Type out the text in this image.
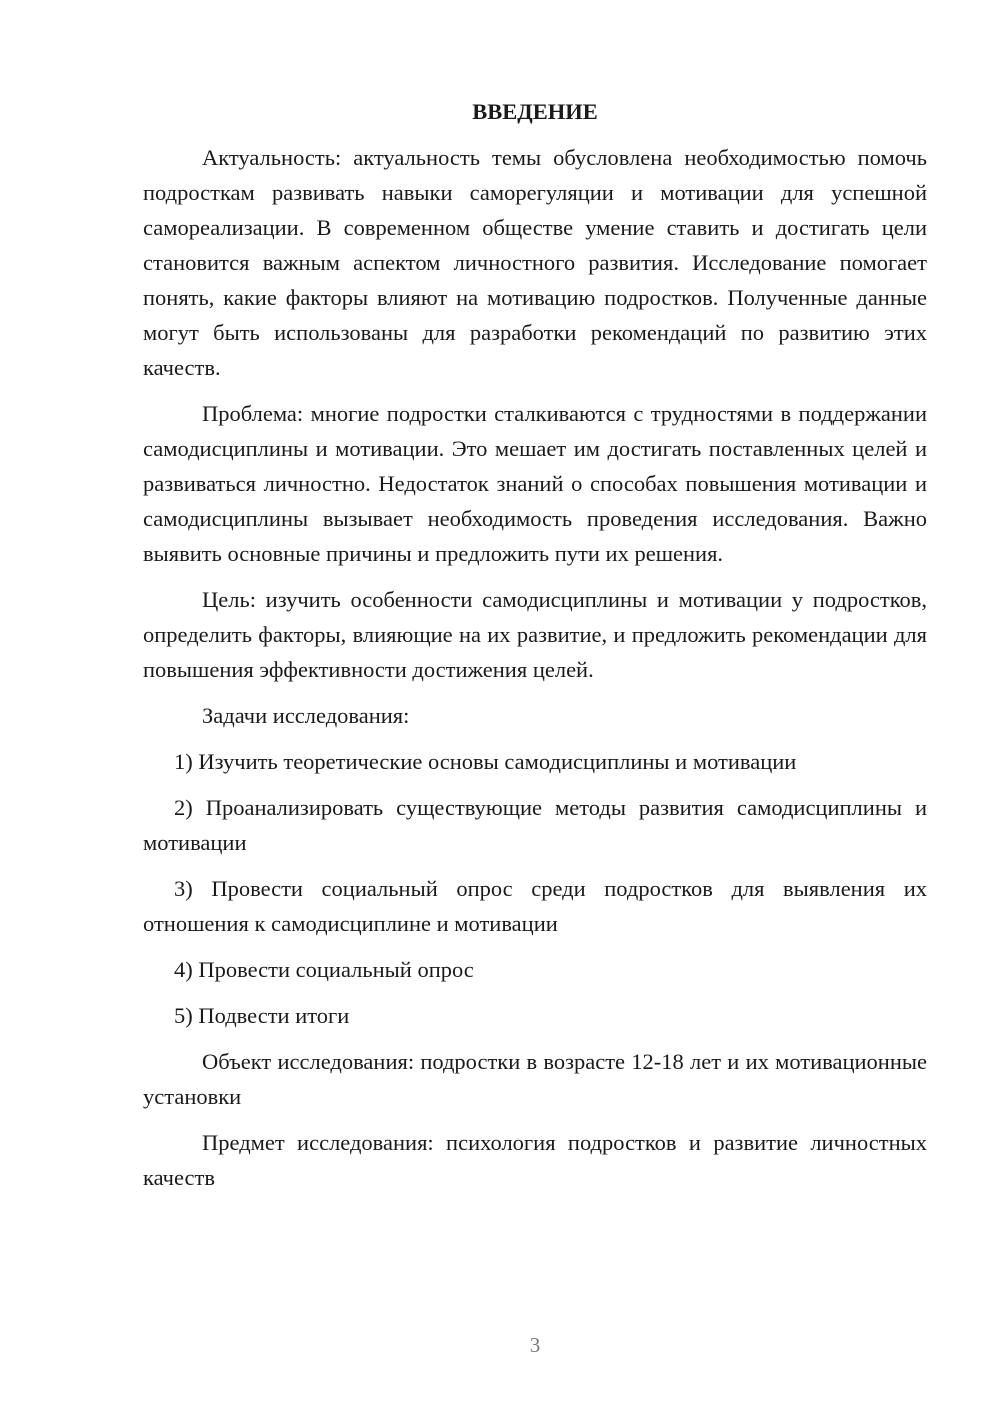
ВВЕДЕНИЕ

Актуальность: актуальность темы обусловлена необходимостью помочь подросткам развивать навыки саморегуляции и мотивации для успешной самореализации. В современном обществе умение ставить и достигать цели становится важным аспектом личностного развития. Исследование помогает понять, какие факторы влияют на мотивацию подростков. Полученные данные могут быть использованы для разработки рекомендаций по развитию этих качеств.

Проблема: многие подростки сталкиваются с трудностями в поддержании самодисциплины и мотивации. Это мешает им достигать поставленных целей и развиваться личностно. Недостаток знаний о способах повышения мотивации и самодисциплины вызывает необходимость проведения исследования. Важно выявить основные причины и предложить пути их решения.

Цель: изучить особенности самодисциплины и мотивации у подростков, определить факторы, влияющие на их развитие, и предложить рекомендации для повышения эффективности достижения целей.

Задачи исследования:

1) Изучить теоретические основы самодисциплины и мотивации

2) Проанализировать существующие методы развития самодисциплины и мотивации

3) Провести социальный опрос среди подростков для выявления их отношения к самодисциплине и мотивации

4) Провести социальный опрос

5) Подвести итоги

Объект исследования: подростки в возрасте 12-18 лет и их мотивационные установки

Предмет исследования: психология подростков и развитие личностных качеств

3
